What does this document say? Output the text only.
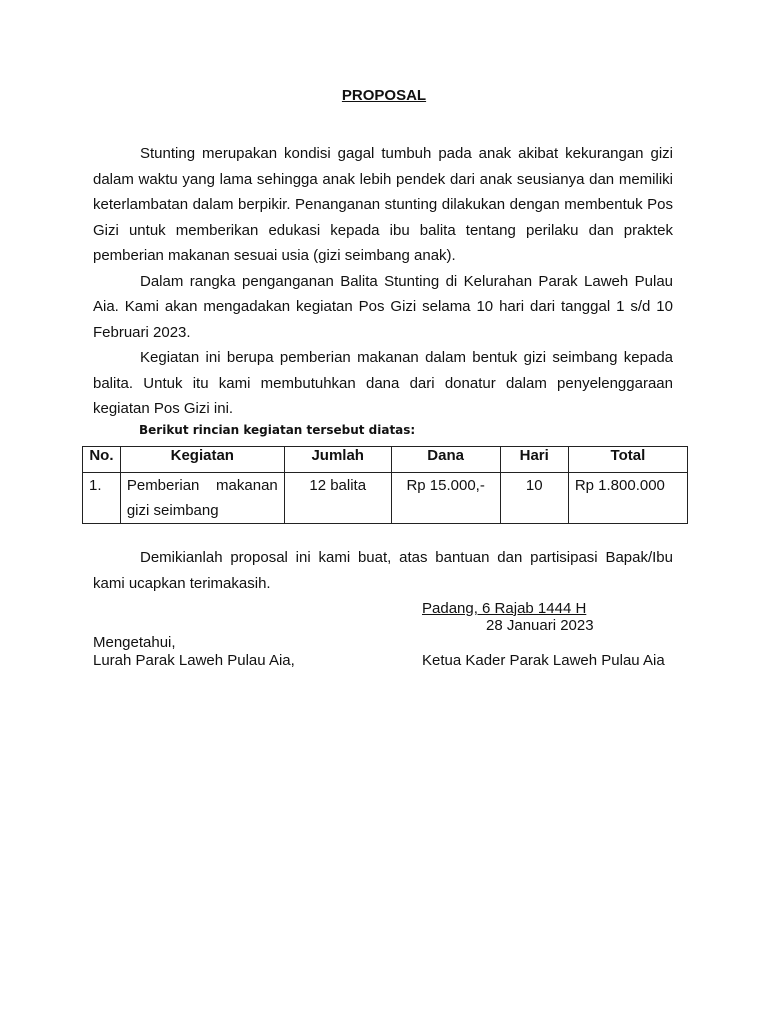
PROPOSAL

Stunting merupakan kondisi gagal tumbuh pada anak akibat kekurangan gizi dalam waktu yang lama sehingga anak lebih pendek dari anak seusianya dan memiliki keterlambatan dalam berpikir. Penanganan stunting dilakukan dengan membentuk Pos Gizi untuk memberikan edukasi kepada ibu balita tentang perilaku dan praktek pemberian makanan sesuai usia (gizi seimbang anak).

Dalam rangka penganganan Balita Stunting di Kelurahan Parak Laweh Pulau Aia. Kami akan mengadakan kegiatan Pos Gizi selama 10 hari dari tanggal 1 s/d 10 Februari 2023.

Kegiatan ini berupa pemberian makanan dalam bentuk gizi seimbang kepada balita. Untuk itu kami membutuhkan dana dari donatur dalam penyelenggaraan kegiatan Pos Gizi ini.

Berikut rincian kegiatan tersebut diatas:
No.	Kegiatan	Jumlah	Dana	Hari	Total
1.	Pemberian makanan gizi seimbang	12 balita	Rp 15.000,-	10	Rp 1.800.000

Demikianlah proposal ini kami buat, atas bantuan dan partisipasi Bapak/Ibu kami ucapkan terimakasih.

Padang, 6 Rajab 1444 H
28 Januari 2023
Mengetahui,
Lurah Parak Laweh Pulau Aia,	Ketua Kader Parak Laweh Pulau Aia
